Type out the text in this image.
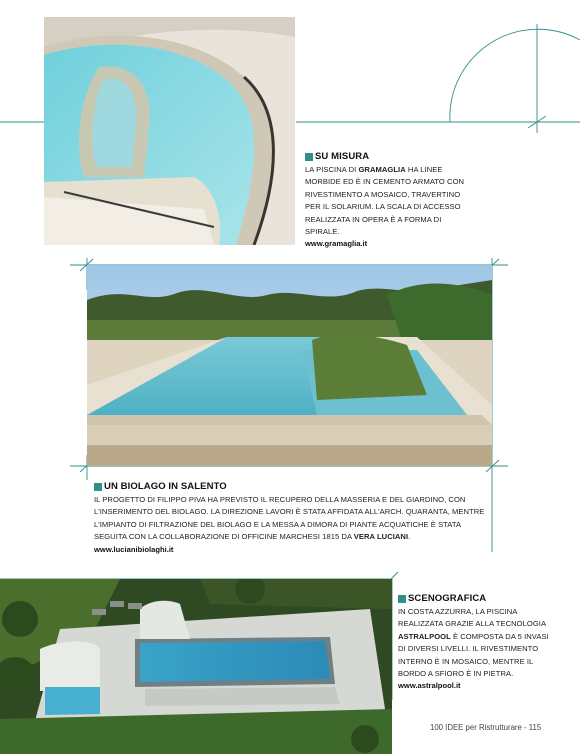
SU MISURA
LA PISCINA DI GRAMAGLIA HA LINEE MORBIDE ED È IN CEMENTO ARMATO CON RIVESTIMENTO A MOSAICO, TRAVERTINO PER IL SOLARIUM. LA SCALA DI ACCESSO REALIZZATA IN OPERA È A FORMA DI SPIRALE.
www.gramaglia.it
UN BIOLAGO IN SALENTO
IL PROGETTO DI FILIPPO PIVA HA PREVISTO IL RECUPERO DELLA MASSERIA E DEL GIARDINO, CON L'INSERIMENTO DEL BIOLAGO. LA DIREZIONE LAVORI È STATA AFFIDATA ALL'ARCH. QUARANTA, MENTRE L'IMPIANTO DI FILTRAZIONE DEL BIOLAGO E LA MESSA A DIMORA DI PIANTE ACQUATICHE È STATA SEGUITA CON LA COLLABORAZIONE DI OFFICINE MARCHESI 1815 DA VERA LUCIANI.
www.lucianibiolaghi.it
SCENOGRAFICA
IN COSTA AZZURRA, LA PISCINA REALIZZATA GRAZIE ALLA TECNOLOGIA ASTRALPOOL È COMPOSTA DA 5 INVASI DI DIVERSI LIVELLI. IL RIVESTIMENTO INTERNO È IN MOSAICO, MENTRE IL BORDO A SFIORO È IN PIETRA.
www.astralpool.it
100 IDEE per Ristrutturare - 115
